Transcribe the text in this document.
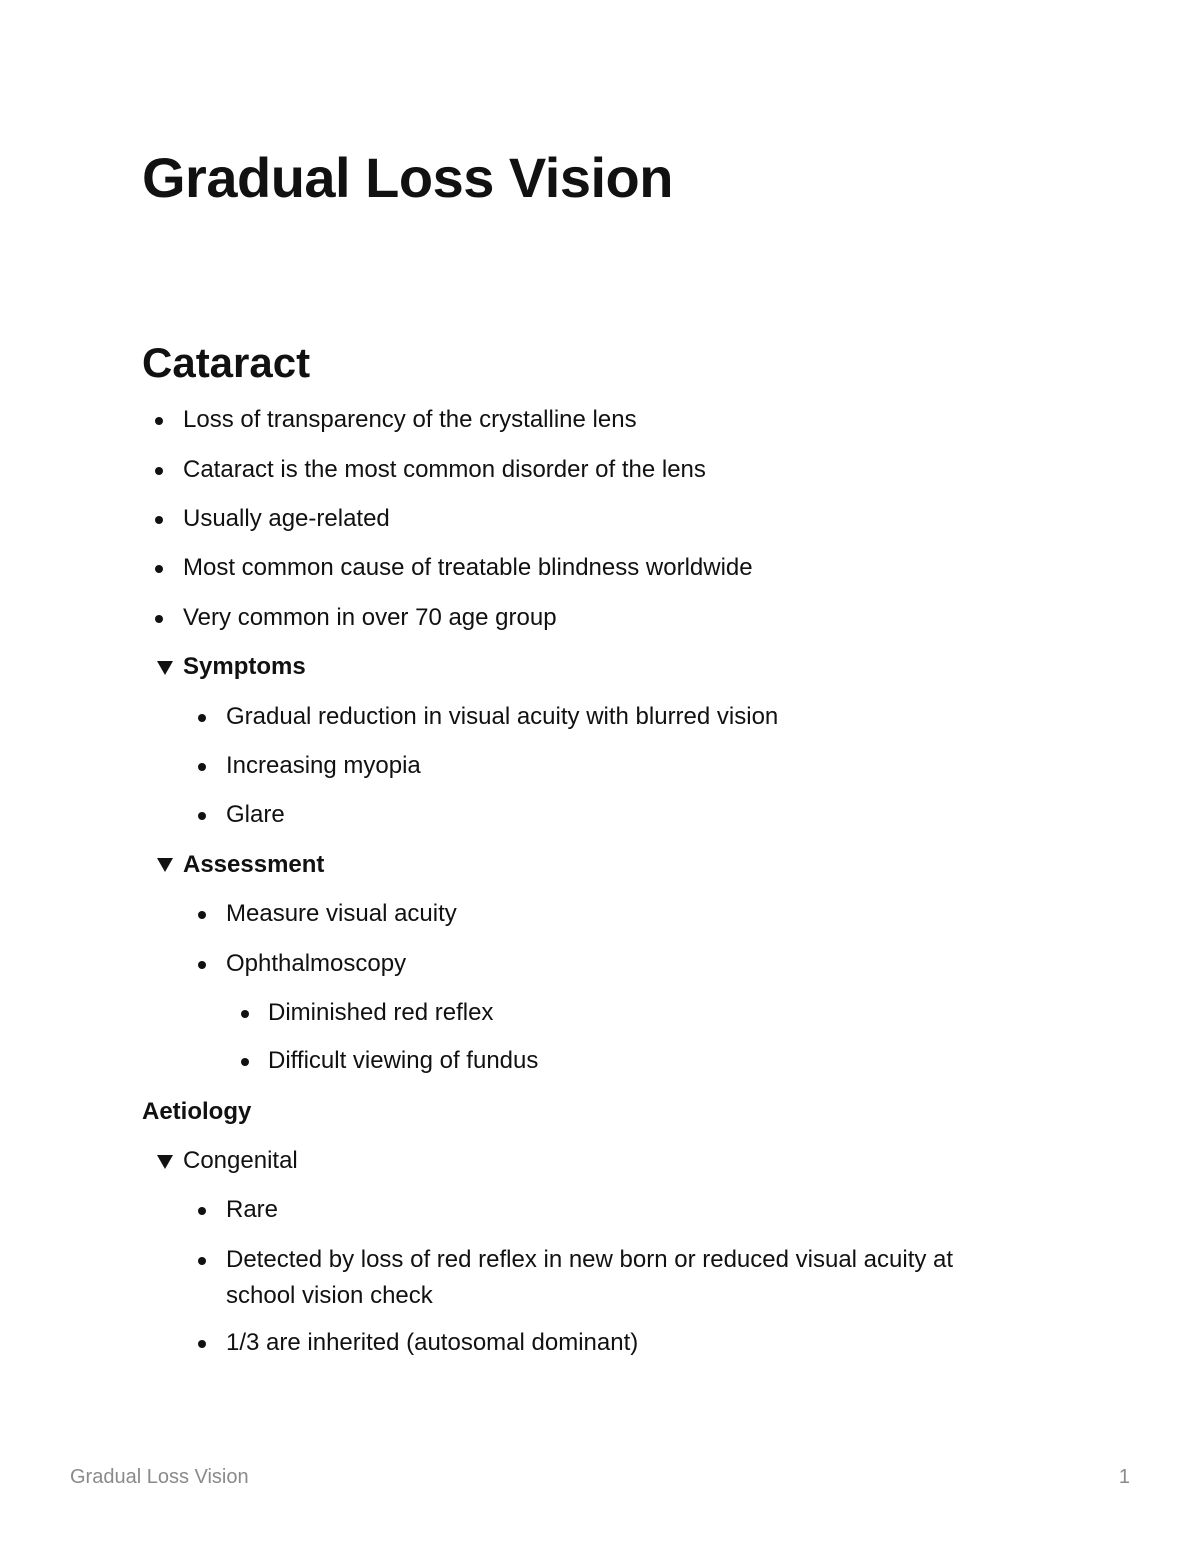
Gradual Loss Vision
Cataract
Loss of transparency of the crystalline lens
Cataract is the most common disorder of the lens
Usually age-related
Most common cause of treatable blindness worldwide
Very common in over 70 age group
Symptoms
Gradual reduction in visual acuity with blurred vision
Increasing myopia
Glare
Assessment
Measure visual acuity
Ophthalmoscopy
Diminished red reflex
Difficult viewing of fundus
Aetiology
Congenital
Rare
Detected by loss of red reflex in new born or reduced visual acuity at
school vision check
1/3 are inherited (autosomal dominant)
Gradual Loss Vision	1
